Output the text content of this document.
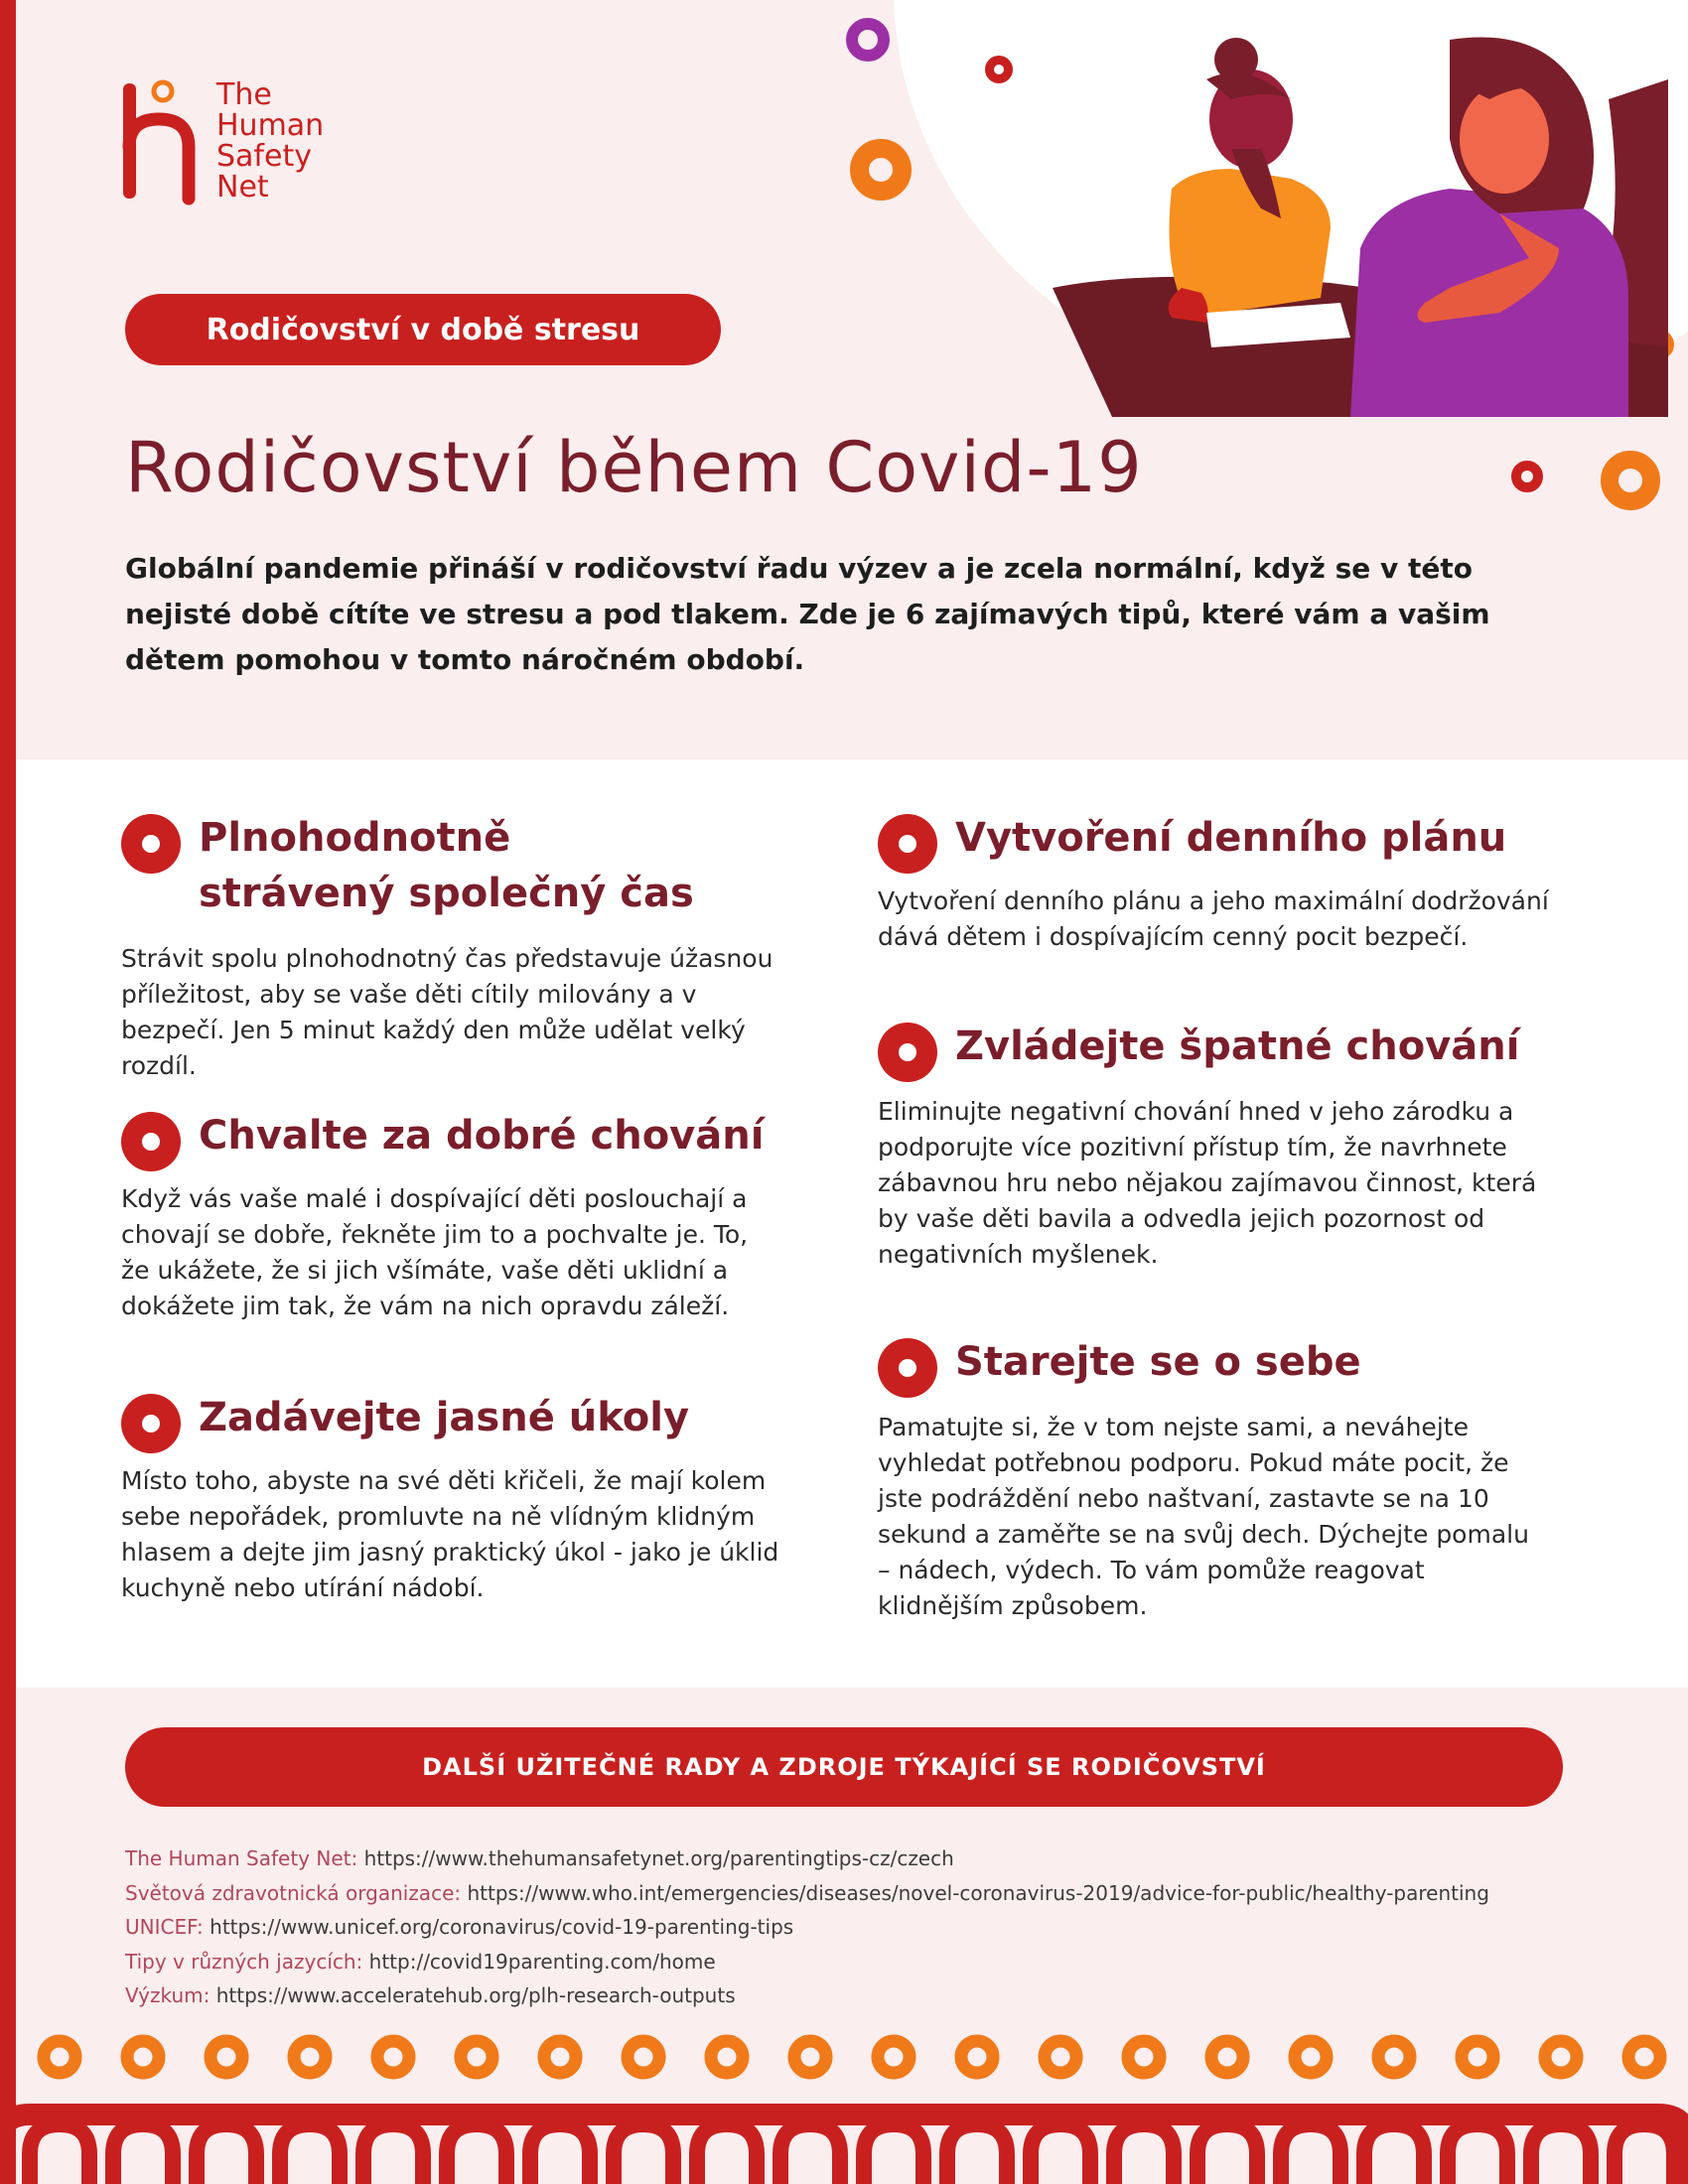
The
Human
Safety
Net
Rodičovství v době stresu
Rodičovství během Covid-19

Globální pandemie přináší v rodičovství řadu výzev a je zcela normální, když se v této nejisté době cítíte ve stresu a pod tlakem. Zde je 6 zajímavých tipů, které vám a vašim dětem pomohou v tomto náročném období.

Plnohodnotně strávený společný čas

Strávit spolu plnohodnotný čas představuje úžasnou příležitost, aby se vaše děti cítily milovány a v bezpečí. Jen 5 minut každý den může udělat velký rozdíl.

Chvalte za dobré chování

Když vás vaše malé i dospívající děti poslouchají a chovají se dobře, řekněte jim to a pochvalte je. To, že ukážete, že si jich všímáte, vaše děti uklidní a dokážete jim tak, že vám na nich opravdu záleží.

Zadávejte jasné úkoly

Místo toho, abyste na své děti křičeli, že mají kolem sebe nepořádek, promluvte na ně vlídným klidným hlasem a dejte jim jasný praktický úkol - jako je úklid kuchyně nebo utírání nádobí.

Vytvoření denního plánu

Vytvoření denního plánu a jeho maximální dodržování dává dětem i dospívajícím cenný pocit bezpečí.

Zvládejte špatné chování

Eliminujte negativní chování hned v jeho zárodku a podporujte více pozitivní přístup tím, že navrhnete zábavnou hru nebo nějakou zajímavou činnost, která by vaše děti bavila a odvedla jejich pozornost od negativních myšlenek.

Starejte se o sebe

Pamatujte si, že v tom nejste sami, a neváhejte vyhledat potřebnou podporu. Pokud máte pocit, že jste podráždění nebo naštvaní, zastavte se na 10 sekund a zaměřte se na svůj dech. Dýchejte pomalu – nádech, výdech. To vám pomůže reagovat klidnějším způsobem.

DALŠÍ UŽITEČNÉ RADY A ZDROJE TÝKAJÍCÍ SE RODIČOVSTVÍ
The Human Safety Net: https://www.thehumansafetynet.org/parentingtips-cz/czech
Světová zdravotnická organizace: https://www.who.int/emergencies/diseases/novel-coronavirus-2019/advice-for-public/healthy-parenting
UNICEF: https://www.unicef.org/coronavirus/covid-19-parenting-tips
Tipy v různých jazycích: http://covid19parenting.com/home
Výzkum: https://www.acceleratehub.org/plh-research-outputs
